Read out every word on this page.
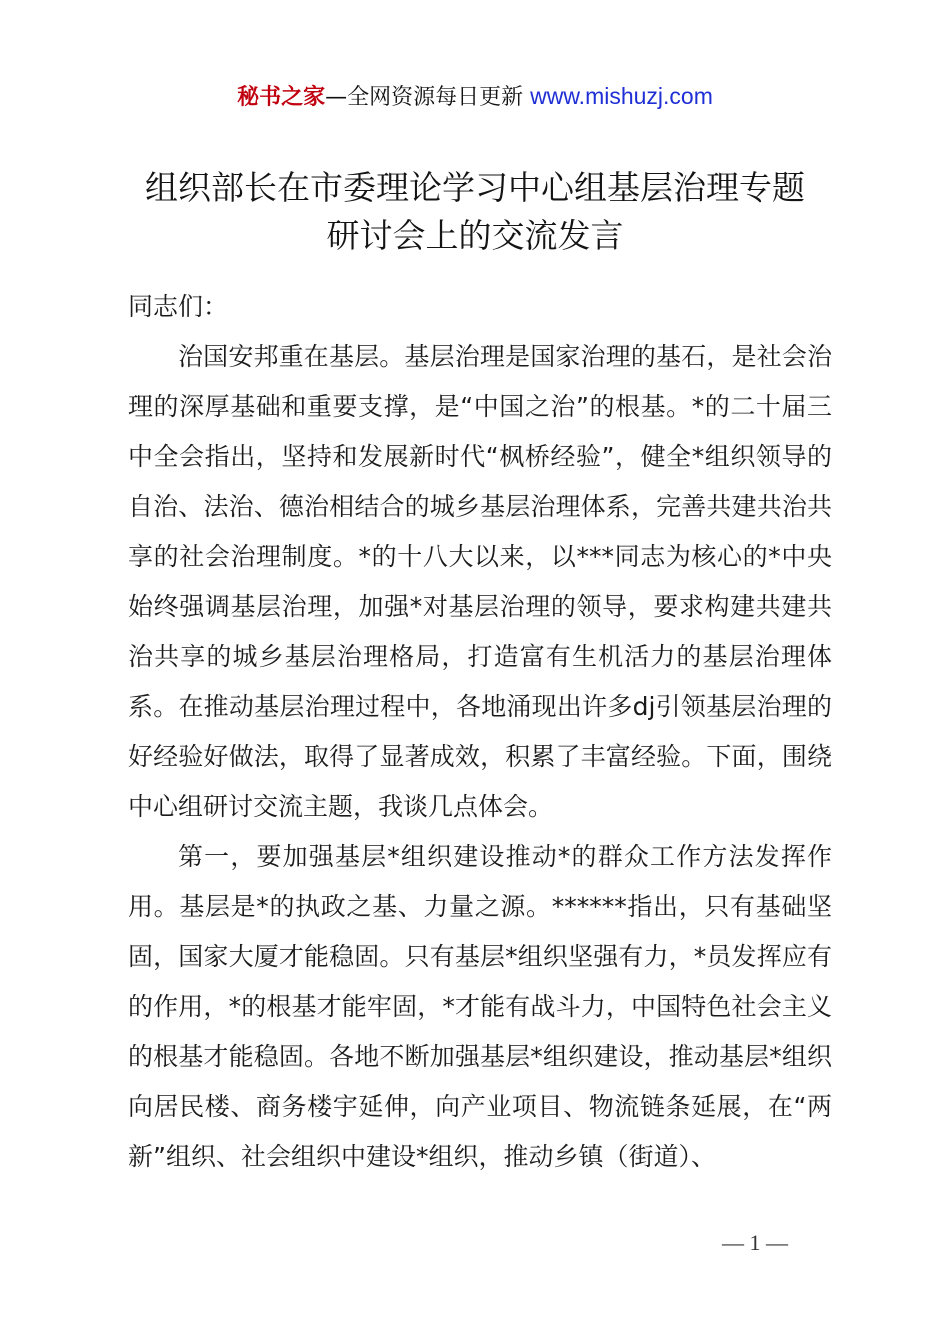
秘书之家—全网资源每日更新 www.mishuzj.com
组织部长在市委理论学习中心组基层治理专题
研讨会上的交流发言

同志们：

治国安邦重在基层。基层治理是国家治理的基石，是社会治理的深厚基础和重要支撑，是“中国之治”的根基。*的二十届三中全会指出，坚持和发展新时代“枫桥经验”，健全*组织领导的自治、法治、德治相结合的城乡基层治理体系，完善共建共治共享的社会治理制度。*的十八大以来，以***同志为核心的*中央始终强调基层治理，加强*对基层治理的领导，要求构建共建共治共享的城乡基层治理格局，打造富有生机活力的基层治理体系。在推动基层治理过程中，各地涌现出许多dj引领基层治理的好经验好做法，取得了显著成效，积累了丰富经验。下面，围绕中心组研讨交流主题，我谈几点体会。

第一，要加强基层*组织建设推动*的群众工作方法发挥作用。基层是*的执政之基、力量之源。******指出，只有基础坚固，国家大厦才能稳固。只有基层*组织坚强有力，*员发挥应有的作用，*的根基才能牢固，*才能有战斗力，中国特色社会主义的根基才能稳固。各地不断加强基层*组织建设，推动基层*组织向居民楼、商务楼宇延伸，向产业项目、物流链条延展，在“两新”组织、社会组织中建设*组织，推动乡镇（街道）、

— 1 —
